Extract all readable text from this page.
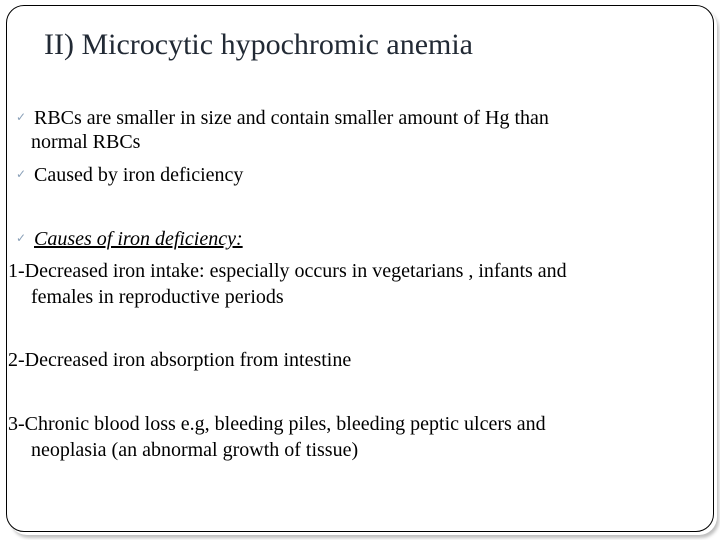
II) Microcytic hypochromic anemia
✓ RBCs are smaller in size and contain smaller amount of Hg than
normal RBCs
✓ Caused by iron deficiency
✓ Causes of iron deficiency:
1-Decreased iron intake: especially occurs in vegetarians , infants and
females in reproductive periods
2-Decreased iron absorption from intestine
3-Chronic blood loss e.g, bleeding piles, bleeding peptic ulcers and
neoplasia (an abnormal growth of tissue)
